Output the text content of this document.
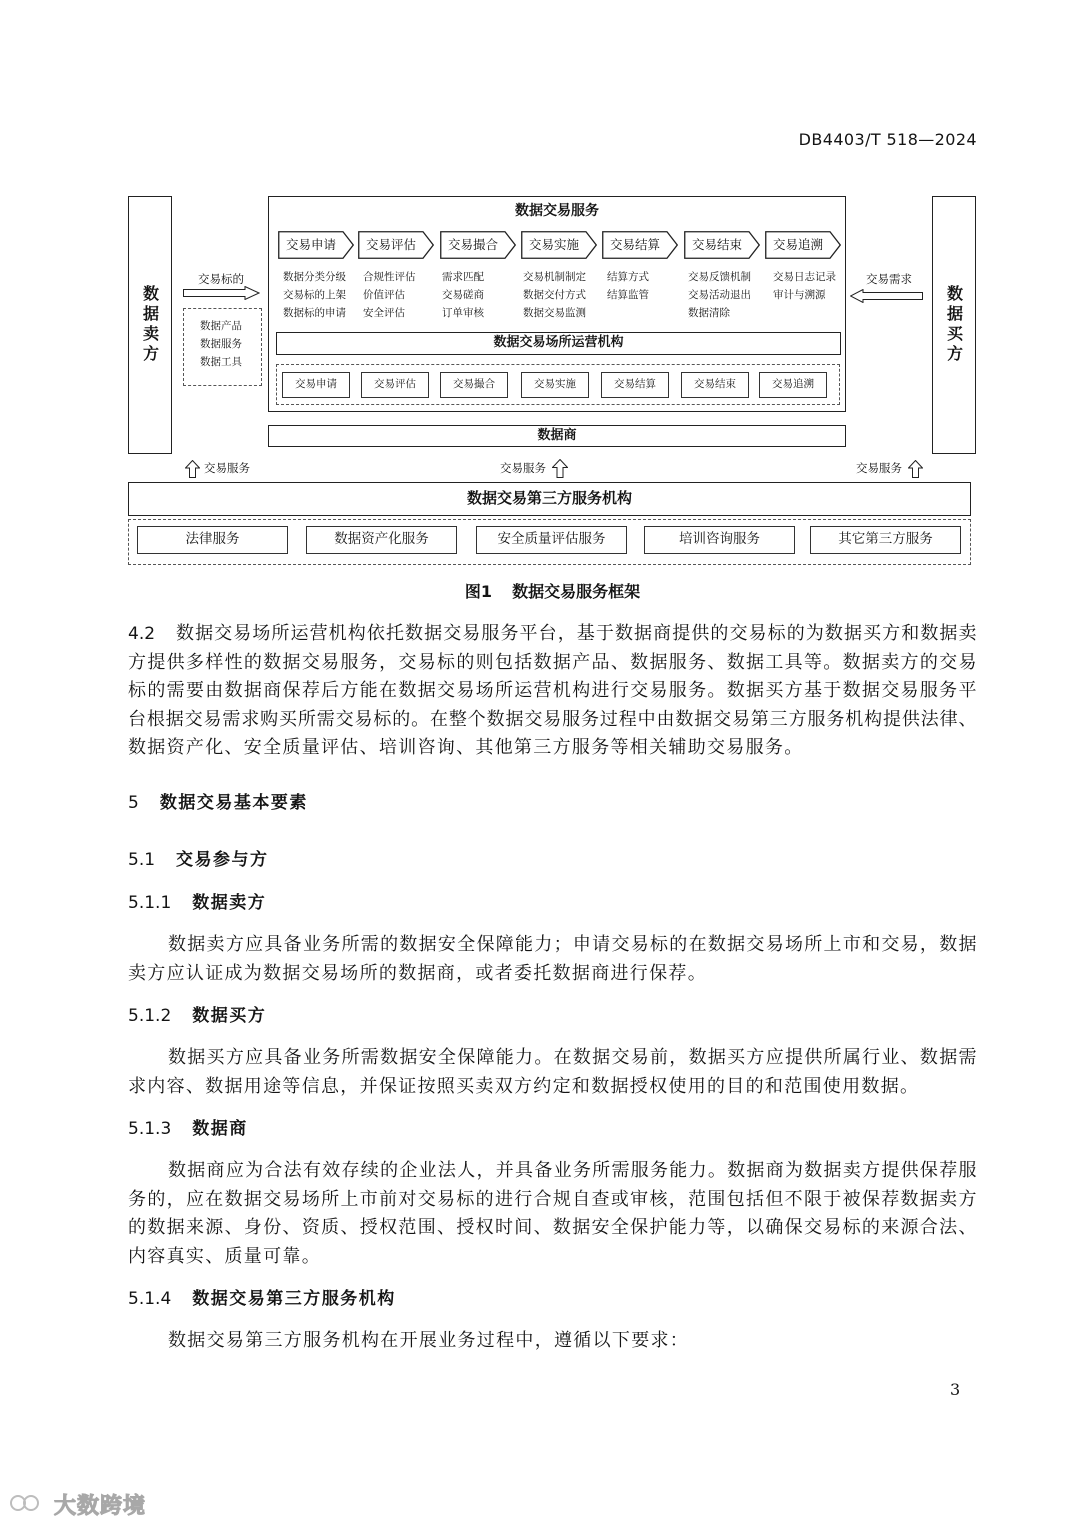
DB4403/T 518—2024
数据卖方	数据买方
数据交易服务
交易申请	交易评估	交易撮合	交易实施	交易结算	交易结束	交易追溯
数据分类分级
交易标的上架
数据标的申请
合规性评估
价值评估
安全评估
需求匹配
交易磋商
订单审核
交易机制制定
数据交付方式
数据交易监测
结算方式
结算监管
交易反馈机制
交易活动退出
数据清除
交易日志记录
审计与溯源
数据交易场所运营机构
交易申请	交易评估	交易撮合	交易实施	交易结算	交易结束	交易追溯
数据商
交易标的
数据产品
数据服务
数据工具
交易需求
交易服务	交易服务	交易服务
数据交易第三方服务机构
法律服务	数据资产化服务	安全质量评估服务	培训咨询服务	其它第三方服务
图1 数据交易服务框架
4.2	数据交易场所运营机构依托数据交易服务平台，基于数据商提供的交易标的为数据买方和数据卖
方提供多样性的数据交易服务，交易标的则包括数据产品、数据服务、数据工具等。数据卖方的交易
标的需要由数据商保荐后方能在数据交易场所运营机构进行交易服务。数据买方基于数据交易服务平
台根据交易需求购买所需交易标的。在整个数据交易服务过程中由数据交易第三方服务机构提供法律、
数据资产化、安全质量评估、培训咨询、其他第三方服务等相关辅助交易服务。
5 数据交易基本要素
5.1 交易参与方
5.1.1 数据卖方
数据卖方应具备业务所需的数据安全保障能力；申请交易标的在数据交易场所上市和交易，数据
卖方应认证成为数据交易场所的数据商，或者委托数据商进行保荐。
5.1.2 数据买方
数据买方应具备业务所需数据安全保障能力。在数据交易前，数据买方应提供所属行业、数据需
求内容、数据用途等信息，并保证按照买卖双方约定和数据授权使用的目的和范围使用数据。
5.1.3 数据商
数据商应为合法有效存续的企业法人，并具备业务所需服务能力。数据商为数据卖方提供保荐服
务的，应在数据交易场所上市前对交易标的进行合规自查或审核，范围包括但不限于被保荐数据卖方
的数据来源、身份、资质、授权范围、授权时间、数据安全保护能力等，以确保交易标的来源合法、
内容真实、质量可靠。
5.1.4 数据交易第三方服务机构
数据交易第三方服务机构在开展业务过程中，遵循以下要求：
3
大数跨境
